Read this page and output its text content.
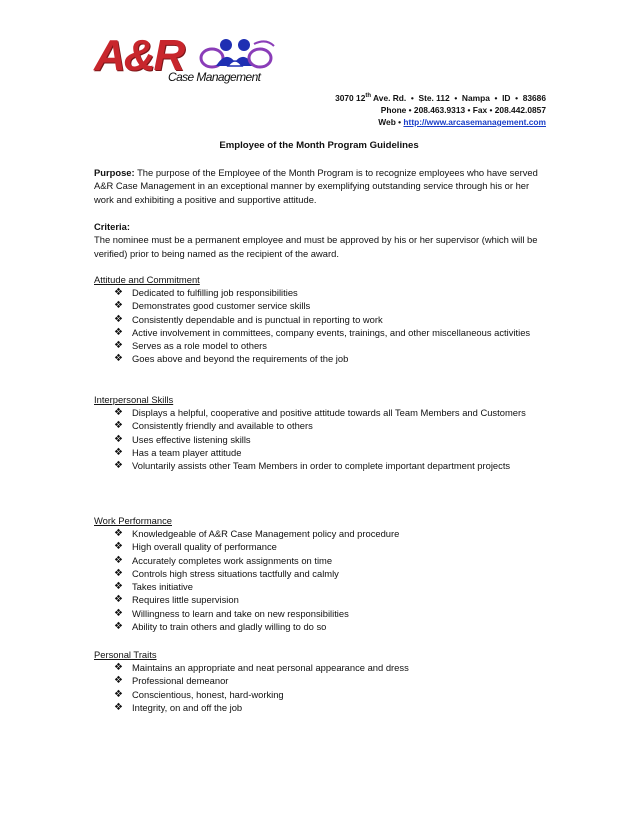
A&R
Case Management
3070 12th Ave. Rd.  •  Ste. 112  •  Nampa  •  ID  •  83686
Phone • 208.463.9313 • Fax • 208.442.0857
Web • http://www.arcasemanagement.com
Employee of the Month Program Guidelines
Purpose: The purpose of the Employee of the Month Program is to recognize employees who have served A&R Case Management in an exceptional manner by exemplifying outstanding service through his or her work and exhibiting a positive and supportive attitude.
Criteria:
The nominee must be a permanent employee and must be approved by his or her supervisor (which will be verified) prior to being named as the recipient of the award.
Attitude and Commitment
❖ Dedicated to fulfilling job responsibilities
❖ Demonstrates good customer service skills
❖ Consistently dependable and is punctual in reporting to work
❖ Active involvement in committees, company events, trainings, and other miscellaneous activities
❖ Serves as a role model to others
❖ Goes above and beyond the requirements of the job
Interpersonal Skills
❖ Displays a helpful, cooperative and positive attitude towards all Team Members and Customers
❖ Consistently friendly and available to others
❖ Uses effective listening skills
❖ Has a team player attitude
❖ Voluntarily assists other Team Members in order to complete important department projects
Work Performance
❖ Knowledgeable of A&R Case Management policy and procedure
❖ High overall quality of performance
❖ Accurately completes work assignments on time
❖ Controls high stress situations tactfully and calmly
❖ Takes initiative
❖ Requires little supervision
❖ Willingness to learn and take on new responsibilities
❖ Ability to train others and gladly willing to do so
Personal Traits
❖ Maintains an appropriate and neat personal appearance and dress
❖ Professional demeanor
❖ Conscientious, honest, hard-working
❖ Integrity, on and off the job
